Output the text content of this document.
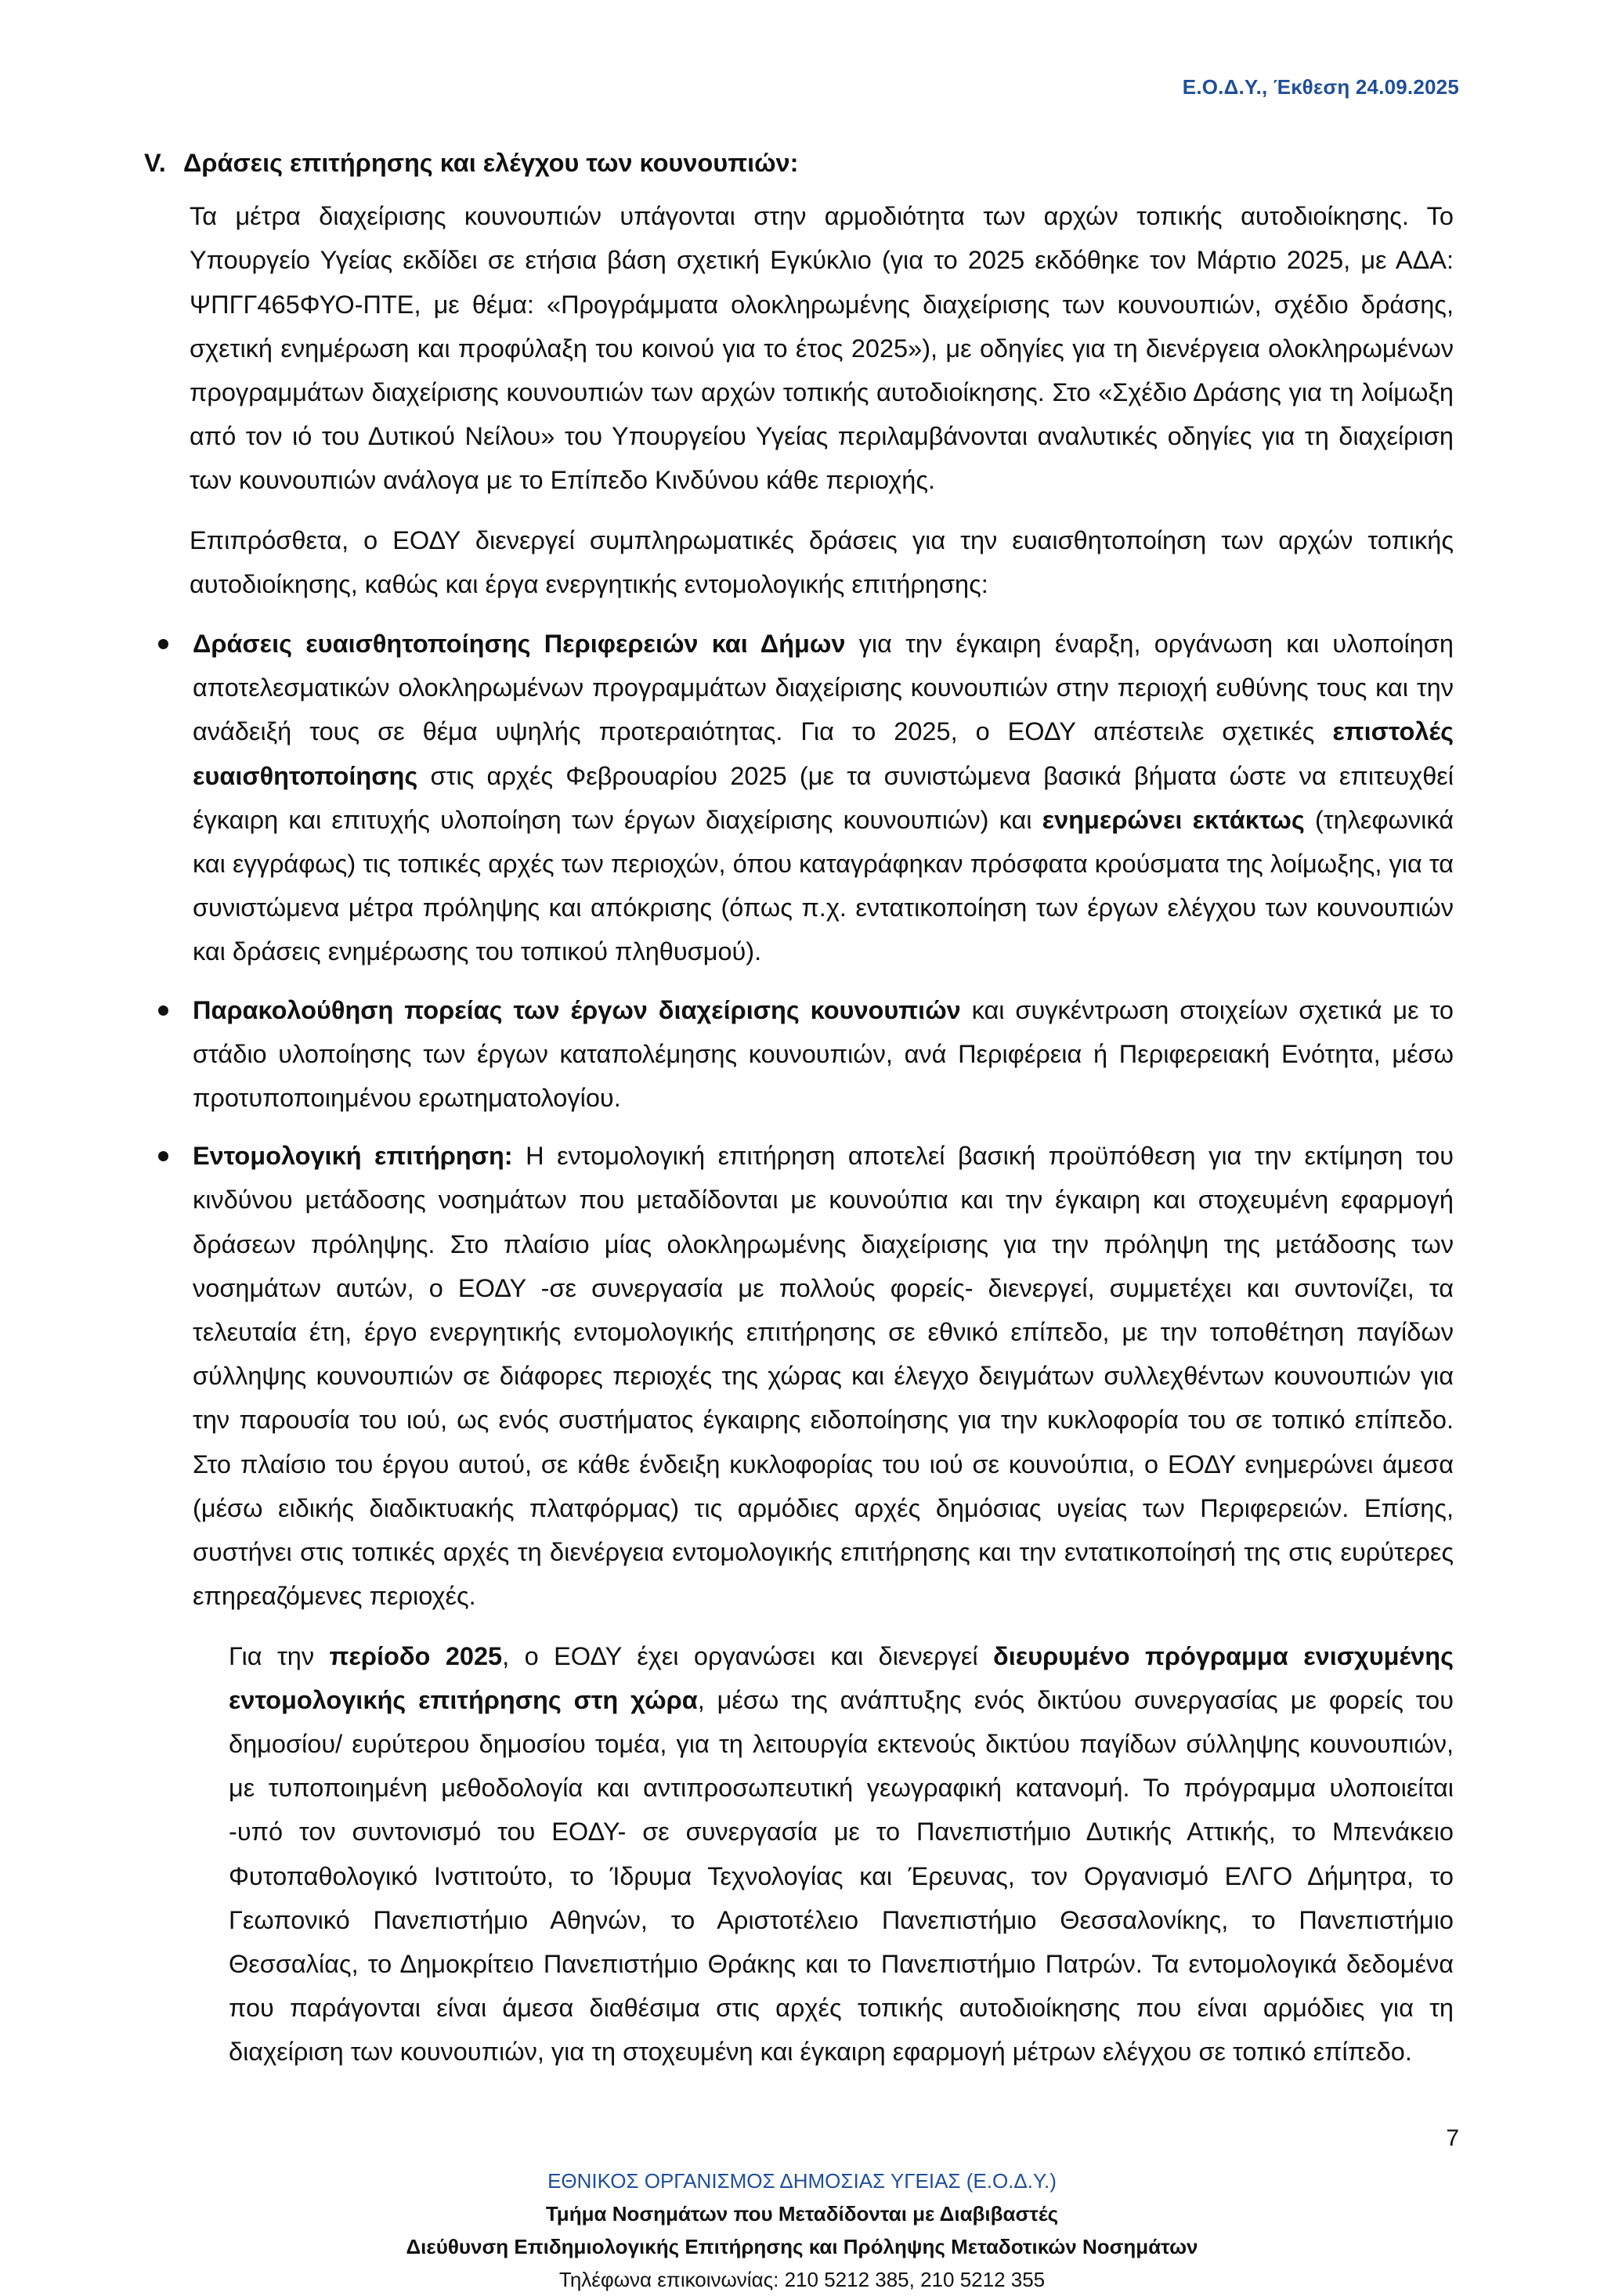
Ε.Ο.Δ.Υ., Έκθεση 24.09.2025
V. Δράσεις επιτήρησης και ελέγχου των κουνουπιών:

Τα μέτρα διαχείρισης κουνουπιών υπάγονται στην αρμοδιότητα των αρχών τοπικής αυτοδιοίκησης. Το Υπουργείο Υγείας εκδίδει σε ετήσια βάση σχετική Εγκύκλιο (για το 2025 εκδόθηκε τον Μάρτιο 2025, με ΑΔΑ: ΨΠΓΓ465ΦΥΟ-ΠΤΕ, με θέμα: «Προγράμματα ολοκληρωμένης διαχείρισης των κουνουπιών, σχέδιο δράσης, σχετική ενημέρωση και προφύλαξη του κοινού για το έτος 2025»), με οδηγίες για τη διενέργεια ολοκληρωμένων προγραμμάτων διαχείρισης κουνουπιών των αρχών τοπικής αυτοδιοίκησης. Στο «Σχέδιο Δράσης για τη λοίμωξη από τον ιό του Δυτικού Νείλου» του Υπουργείου Υγείας περιλαμβάνονται αναλυτικές οδηγίες για τη διαχείριση των κουνουπιών ανάλογα με το Επίπεδο Κινδύνου κάθε περιοχής.

Επιπρόσθετα, ο ΕΟΔΥ διενεργεί συμπληρωματικές δράσεις για την ευαισθητοποίηση των αρχών τοπικής αυτοδιοίκησης, καθώς και έργα ενεργητικής εντομολογικής επιτήρησης:

Δράσεις ευαισθητοποίησης Περιφερειών και Δήμων για την έγκαιρη έναρξη, οργάνωση και υλοποίηση αποτελεσματικών ολοκληρωμένων προγραμμάτων διαχείρισης κουνουπιών στην περιοχή ευθύνης τους και την ανάδειξή τους σε θέμα υψηλής προτεραιότητας. Για το 2025, ο ΕΟΔΥ απέστειλε σχετικές επιστολές ευαισθητοποίησης στις αρχές Φεβρουαρίου 2025 (με τα συνιστώμενα βασικά βήματα ώστε να επιτευχθεί έγκαιρη και επιτυχής υλοποίηση των έργων διαχείρισης κουνουπιών) και ενημερώνει εκτάκτως (τηλεφωνικά και εγγράφως) τις τοπικές αρχές των περιοχών, όπου καταγράφηκαν πρόσφατα κρούσματα της λοίμωξης, για τα συνιστώμενα μέτρα πρόληψης και απόκρισης (όπως π.χ. εντατικοποίηση των έργων ελέγχου των κουνουπιών και δράσεις ενημέρωσης του τοπικού πληθυσμού).
Παρακολούθηση πορείας των έργων διαχείρισης κουνουπιών και συγκέντρωση στοιχείων σχετικά με το στάδιο υλοποίησης των έργων καταπολέμησης κουνουπιών, ανά Περιφέρεια ή Περιφερειακή Ενότητα, μέσω προτυποποιημένου ερωτηματολογίου.
Εντομολογική επιτήρηση: Η εντομολογική επιτήρηση αποτελεί βασική προϋπόθεση για την εκτίμηση του κινδύνου μετάδοσης νοσημάτων που μεταδίδονται με κουνούπια και την έγκαιρη και στοχευμένη εφαρμογή δράσεων πρόληψης. Στο πλαίσιο μίας ολοκληρωμένης διαχείρισης για την πρόληψη της μετάδοσης των νοσημάτων αυτών, ο ΕΟΔΥ -σε συνεργασία με πολλούς φορείς- διενεργεί, συμμετέχει και συντονίζει, τα τελευταία έτη, έργο ενεργητικής εντομολογικής επιτήρησης σε εθνικό επίπεδο, με την τοποθέτηση παγίδων σύλληψης κουνουπιών σε διάφορες περιοχές της χώρας και έλεγχο δειγμάτων συλλεχθέντων κουνουπιών για την παρουσία του ιού, ως ενός συστήματος έγκαιρης ειδοποίησης για την κυκλοφορία του σε τοπικό επίπεδο. Στο πλαίσιο του έργου αυτού, σε κάθε ένδειξη κυκλοφορίας του ιού σε κουνούπια, ο ΕΟΔΥ ενημερώνει άμεσα (μέσω ειδικής διαδικτυακής πλατφόρμας) τις αρμόδιες αρχές δημόσιας υγείας των Περιφερειών. Επίσης, συστήνει στις τοπικές αρχές τη διενέργεια εντομολογικής επιτήρησης και την εντατικοποίησή της στις ευρύτερες επηρεαζόμενες περιοχές.

Για την περίοδο 2025, ο ΕΟΔΥ έχει οργανώσει και διενεργεί διευρυμένο πρόγραμμα ενισχυμένης εντομολογικής επιτήρησης στη χώρα, μέσω της ανάπτυξης ενός δικτύου συνεργασίας με φορείς του δημοσίου/ ευρύτερου δημοσίου τομέα, για τη λειτουργία εκτενούς δικτύου παγίδων σύλληψης κουνουπιών, με τυποποιημένη μεθοδολογία και αντιπροσωπευτική γεωγραφική κατανομή. Το πρόγραμμα υλοποιείται -υπό τον συντονισμό του ΕΟΔΥ- σε συνεργασία με το Πανεπιστήμιο Δυτικής Αττικής, το Μπενάκειο Φυτοπαθολογικό Ινστιτούτο, το Ίδρυμα Τεχνολογίας και Έρευνας, τον Οργανισμό ΕΛΓΟ Δήμητρα, το Γεωπονικό Πανεπιστήμιο Αθηνών, το Αριστοτέλειο Πανεπιστήμιο Θεσσαλονίκης, το Πανεπιστήμιο Θεσσαλίας, το Δημοκρίτειο Πανεπιστήμιο Θράκης και το Πανεπιστήμιο Πατρών. Τα εντομολογικά δεδομένα που παράγονται είναι άμεσα διαθέσιμα στις αρχές τοπικής αυτοδιοίκησης που είναι αρμόδιες για τη διαχείριση των κουνουπιών, για τη στοχευμένη και έγκαιρη εφαρμογή μέτρων ελέγχου σε τοπικό επίπεδο.

7
ΕΘΝΙΚΟΣ ΟΡΓΑΝΙΣΜΟΣ ΔΗΜΟΣΙΑΣ ΥΓΕΙΑΣ (Ε.Ο.Δ.Υ.)
Τμήμα Νοσημάτων που Μεταδίδονται με Διαβιβαστές
Διεύθυνση Επιδημιολογικής Επιτήρησης και Πρόληψης Μεταδοτικών Νοσημάτων
Τηλέφωνα επικοινωνίας: 210 5212 385, 210 5212 355
